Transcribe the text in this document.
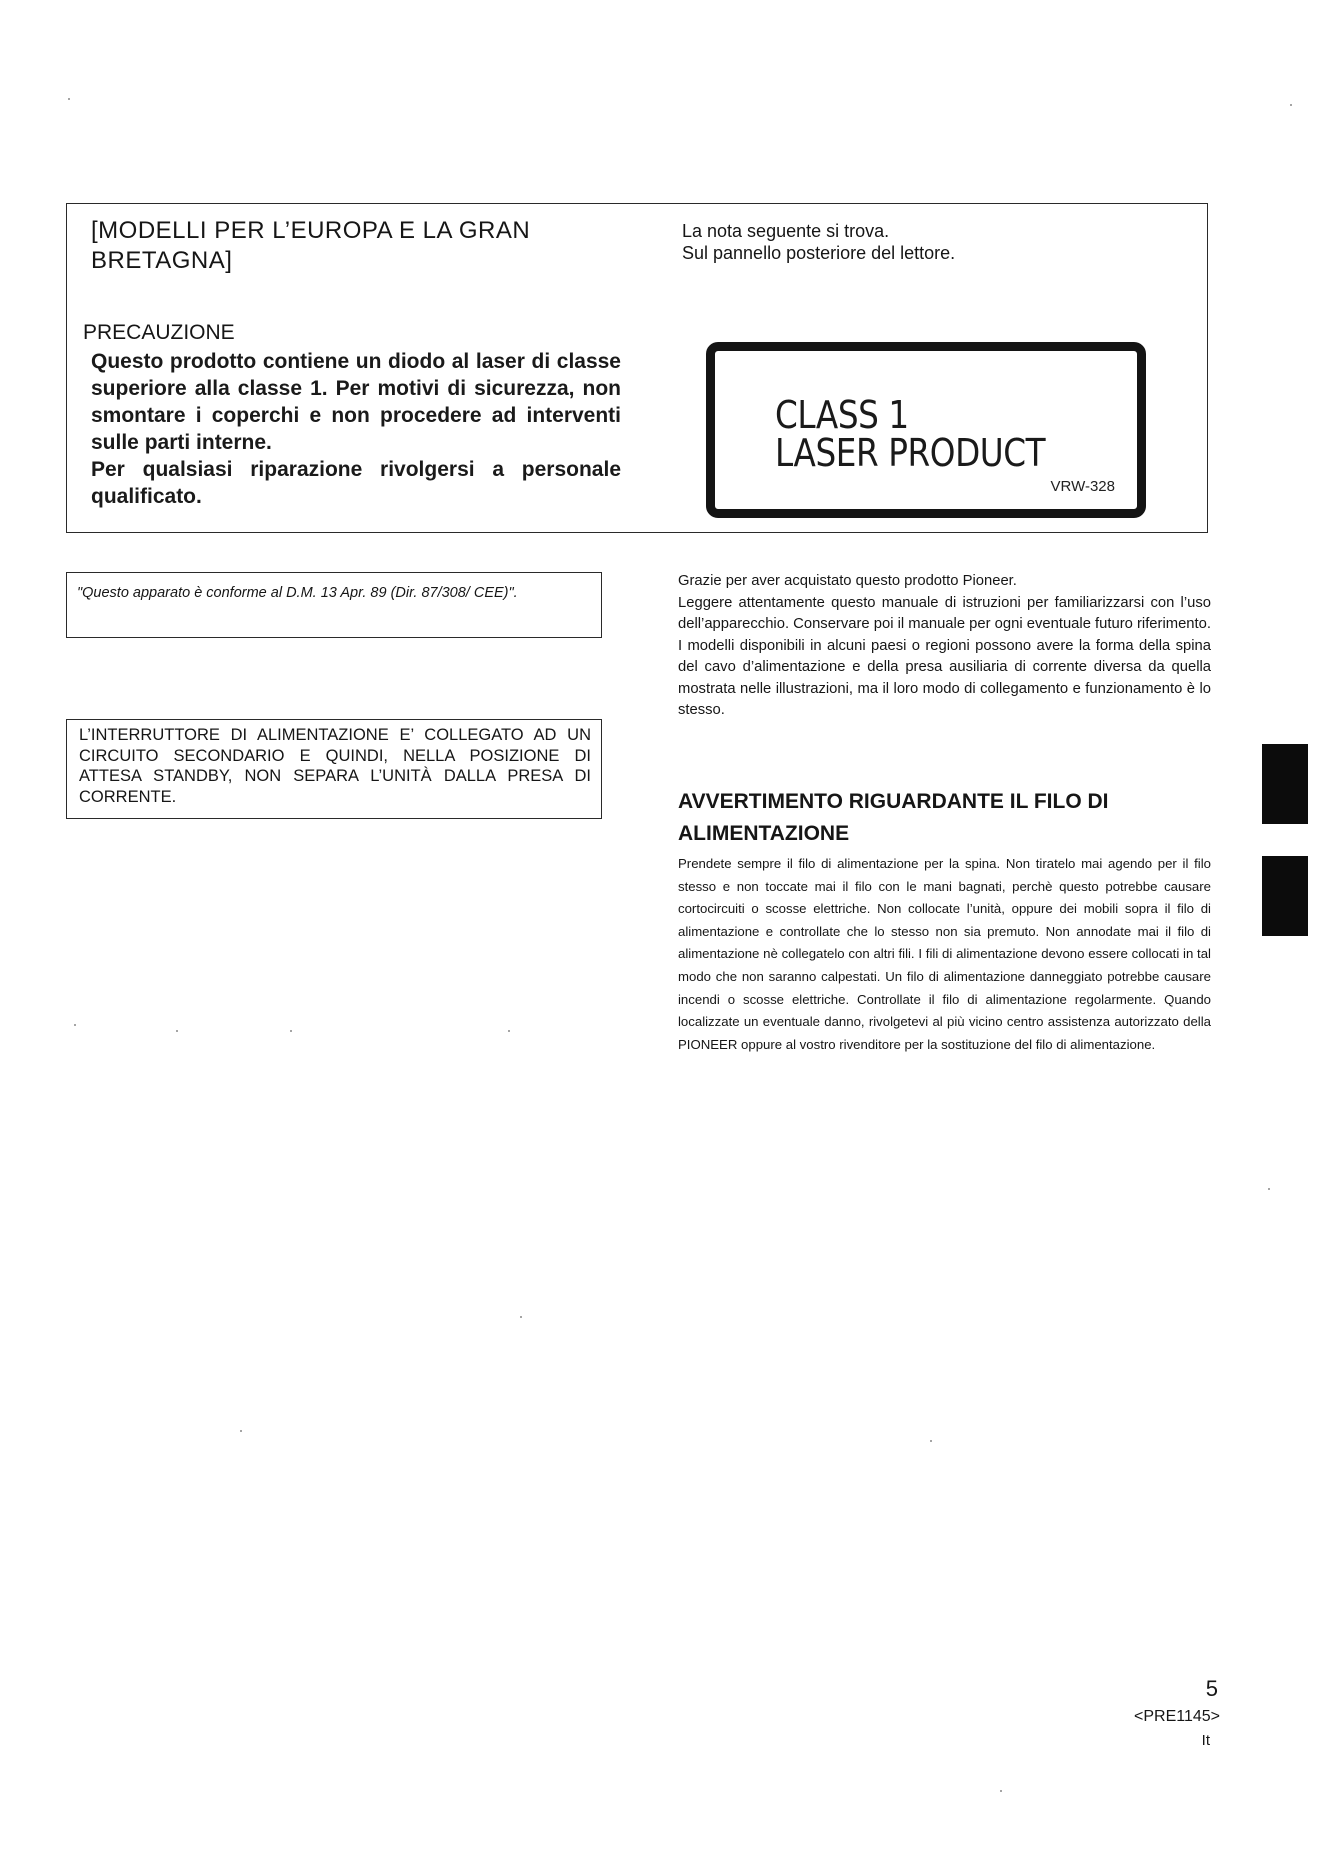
[MODELLI PER L’EUROPA E LA GRAN BRETAGNA]
PRECAUZIONE

Questo prodotto contiene un diodo al laser di classe superiore alla classe 1. Per motivi di sicurezza, non smontare i coperchi e non procedere ad interventi sulle parti interne.

Per qualsiasi riparazione rivolgersi a personale qualificato.

La nota seguente si trova.

Sul pannello posteriore del lettore.

CLASS 1
LASER PRODUCT
VRW-328
"Questo apparato è conforme al D.M. 13 Apr. 89 (Dir. 87/308/ CEE)".
L’INTERRUTTORE DI ALIMENTAZIONE E’ COLLEGATO AD UN CIRCUITO SECONDARIO E QUINDI, NELLA POSIZIONE DI ATTESA STANDBY, NON SEPARA L’UNITÀ DALLA PRESA DI CORRENTE.

Grazie per aver acquistato questo prodotto Pioneer.

Leggere attentamente questo manuale di istruzioni per familiarizzarsi con l’uso dell’apparecchio. Conservare poi il manuale per ogni eventuale futuro riferimento.

I modelli disponibili in alcuni paesi o regioni possono avere la forma della spina del cavo d’alimentazione e della presa ausiliaria di corrente diversa da quella mostrata nelle illustrazioni, ma il loro modo di collegamento e funzionamento è lo stesso.

AVVERTIMENTO RIGUARDANTE IL FILO DI ALIMENTAZIONE
Prendete sempre il filo di alimentazione per la spina. Non tiratelo mai agendo per il filo stesso e non toccate mai il filo con le mani bagnati, perchè questo potrebbe causare cortocircuiti o scosse elettriche. Non collocate l’unità, oppure dei mobili sopra il filo di alimentazione e controllate che lo stesso non sia premuto. Non annodate mai il filo di alimentazione nè collegatelo con altri fili. I fili di alimentazione devono essere collocati in tal modo che non saranno calpestati. Un filo di alimentazione danneggiato potrebbe causare incendi o scosse elettriche. Controllate il filo di alimentazione regolarmente. Quando localizzate un eventuale danno, rivolgetevi al più vicino centro assistenza autorizzato della PIONEER oppure al vostro rivenditore per la sostituzione del filo di alimentazione.
5
<PRE1145>
It
